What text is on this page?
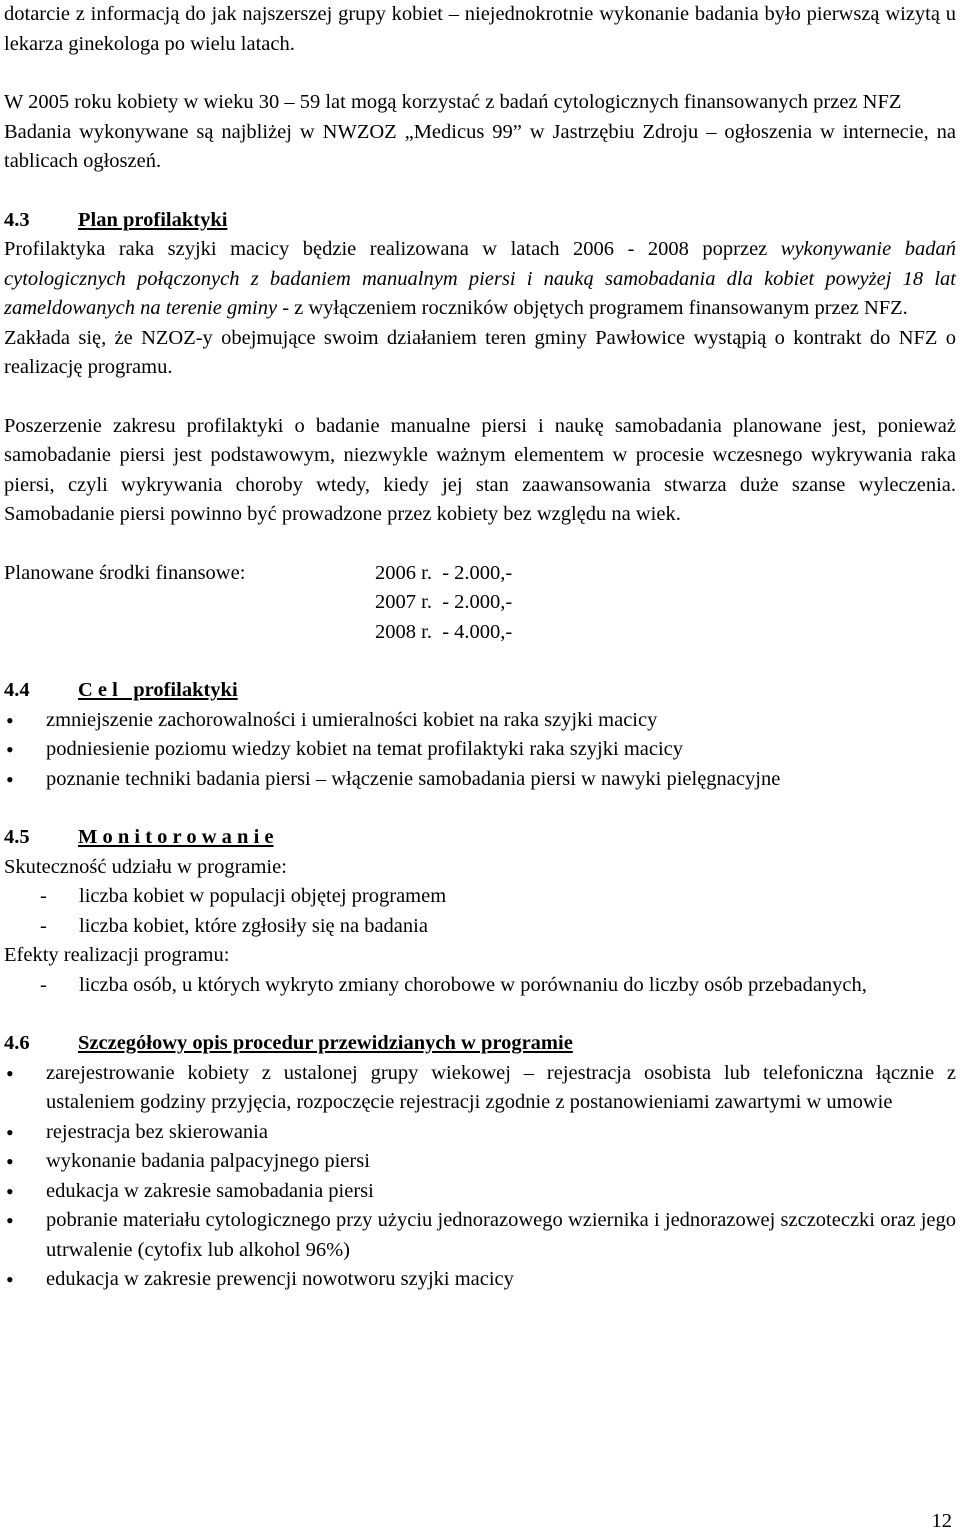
dotarcie z informacją do jak najszerszej grupy kobiet – niejednokrotnie wykonanie badania było pierwszą wizytą u lekarza ginekologa po wielu latach.

W 2005 roku kobiety w wieku 30 – 59 lat mogą korzystać z badań cytologicznych finansowanych przez NFZ

Badania wykonywane są najbliżej w NWZOZ „Medicus 99” w Jastrzębiu Zdroju – ogłoszenia w internecie, na tablicach ogłoszeń.

4.3 Plan profilaktyki

Profilaktyka raka szyjki macicy będzie realizowana w latach 2006 - 2008 poprzez wykonywanie badań cytologicznych połączonych z badaniem manualnym piersi i nauką samobadania dla kobiet powyżej 18 lat zameldowanych na terenie gminy - z wyłączeniem roczników objętych programem finansowanym przez NFZ.

Zakłada się, że NZOZ-y obejmujące swoim działaniem teren gminy Pawłowice wystąpią o kontrakt do NFZ o realizację programu.

Poszerzenie zakresu profilaktyki o badanie manualne piersi i naukę samobadania planowane jest, ponieważ samobadanie piersi jest podstawowym, niezwykle ważnym elementem w procesie wczesnego wykrywania raka piersi, czyli wykrywania choroby wtedy, kiedy jej stan zaawansowania stwarza duże szanse wyleczenia. Samobadanie piersi powinno być prowadzone przez kobiety bez względu na wiek.

Planowane środki finansowe:	2006 r.  - 2.000,-
2007 r.  - 2.000,-
2008 r.  - 4.000,-
4.4 C e l   profilaktyki
• zmniejszenie zachorowalności i umieralności kobiet na raka szyjki macicy
• podniesienie poziomu wiedzy kobiet na temat profilaktyki raka szyjki macicy
• poznanie techniki badania piersi – włączenie samobadania piersi w nawyki pielęgnacyjne
4.5 M o n i t o r o w a n i e

Skuteczność udziału w programie:

- liczba kobiet w populacji objętej programem
- liczba kobiet, które zgłosiły się na badania

Efekty realizacji programu:

- liczba osób, u których wykryto zmiany chorobowe w porównaniu do liczby osób przebadanych,
4.6 Szczegółowy opis procedur przewidzianych w programie
• zarejestrowanie kobiety z ustalonej grupy wiekowej – rejestracja osobista lub telefoniczna łącznie z ustaleniem godziny przyjęcia, rozpoczęcie rejestracji zgodnie z postanowieniami zawartymi w umowie
• rejestracja bez skierowania
• wykonanie badania palpacyjnego piersi
• edukacja w zakresie samobadania piersi
• pobranie materiału cytologicznego przy użyciu jednorazowego wziernika i jednorazowej szczoteczki oraz jego utrwalenie (cytofix lub alkohol 96%)
• edukacja w zakresie prewencji nowotworu szyjki macicy
12
